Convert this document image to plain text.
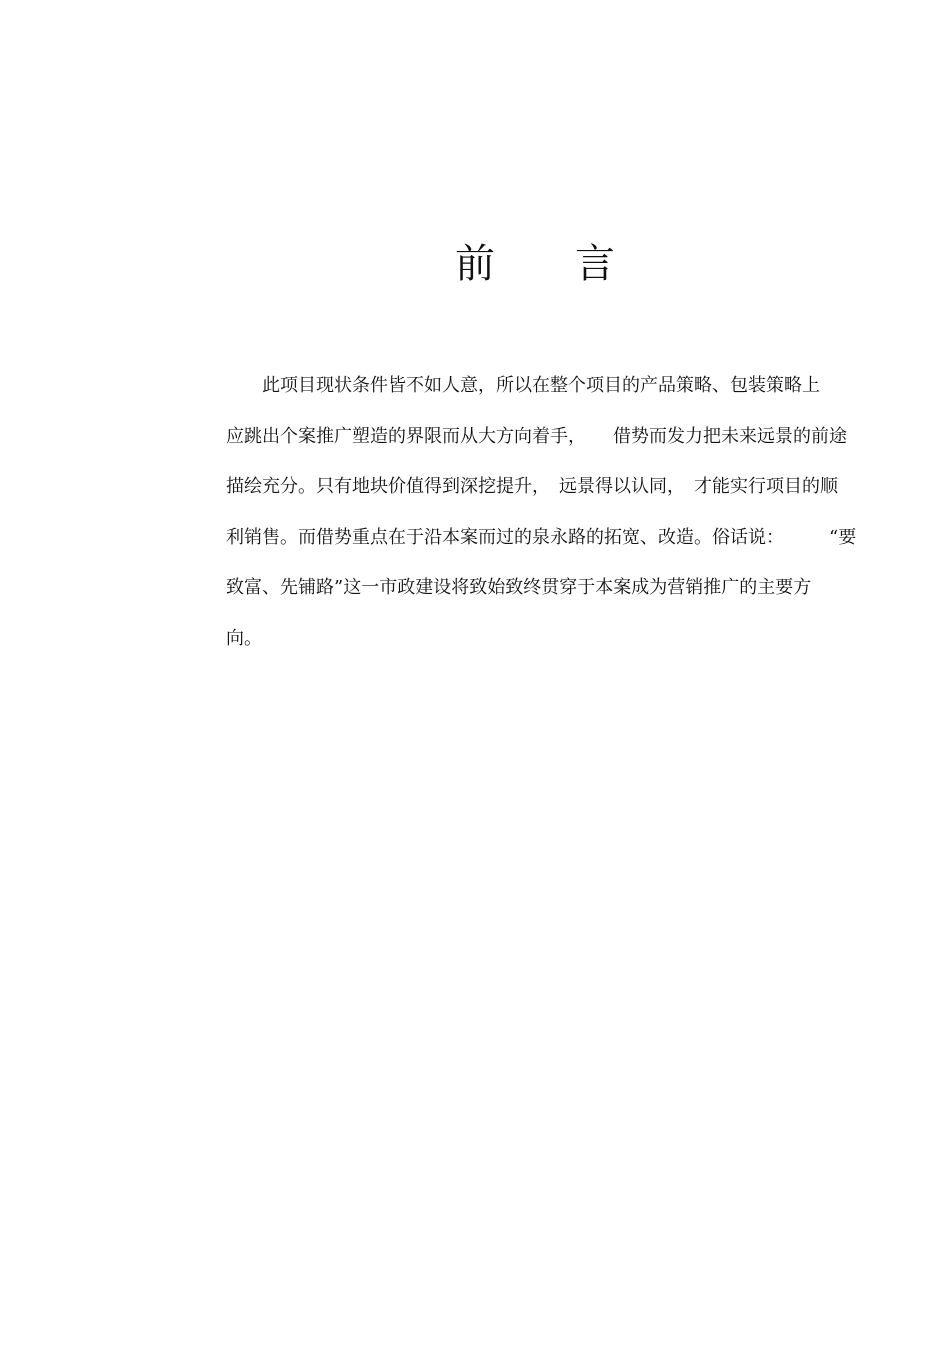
前　　言
　　此项目现状条件皆不如人意，所以在整个项目的产品策略、包装策略上
应跳出个案推广塑造的界限而从大方向着手，　　借势而发力把未来远景的前途
描绘充分。只有地块价值得到深挖提升，　远景得以认同，　才能实行项目的顺
利销售。而借势重点在于沿本案而过的泉永路的拓宽、改造。俗话说：　　　“要
致富、先铺路”这一市政建设将致始致终贯穿于本案成为营销推广的主要方
向。
